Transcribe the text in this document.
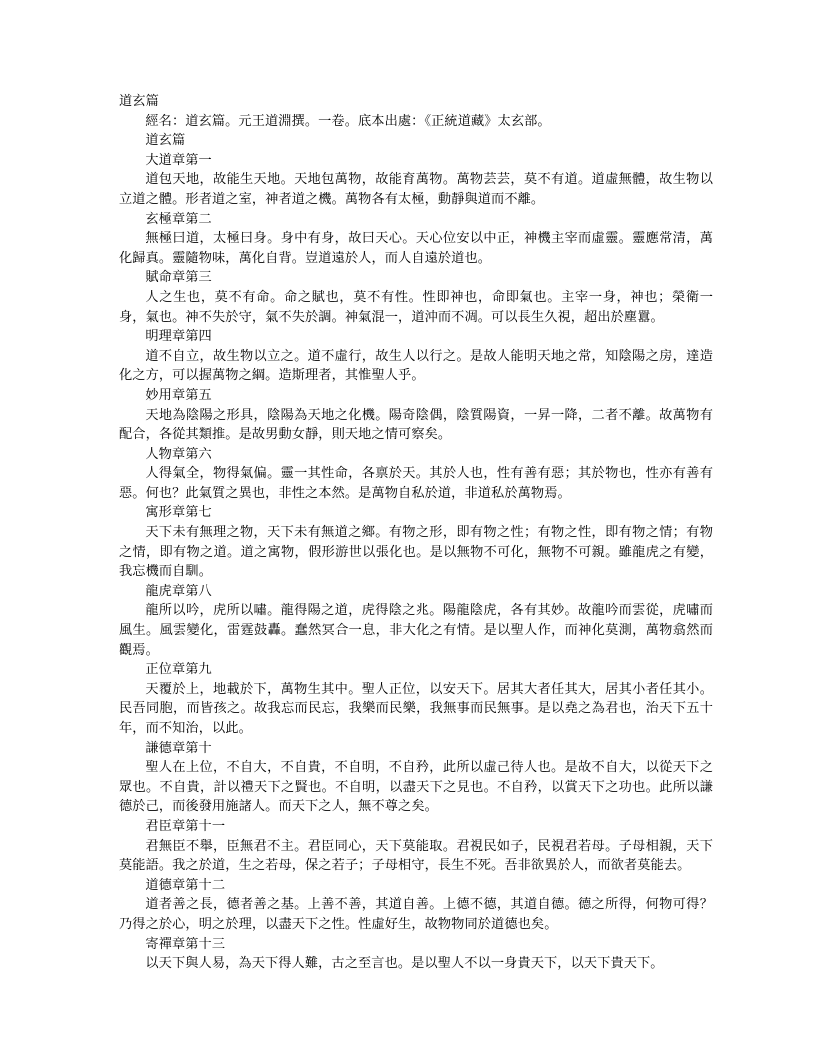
道玄篇

經名：道玄篇。元王道淵撰。一卷。底本出處：《正統道藏》太玄部。

道玄篇

大道章第一

道包天地，故能生天地。天地包萬物，故能育萬物。萬物芸芸，莫不有道。道虛無體，故生物以立道之體。形者道之室，神者道之機。萬物各有太極，動靜與道而不離。

玄極章第二

無極曰道，太極曰身。身中有身，故曰天心。天心位安以中正，神機主宰而虛靈。靈應常清，萬化歸真。靈隨物味，萬化自背。豈道遠於人，而人自遠於道也。

賦命章第三

人之生也，莫不有命。命之賦也，莫不有性。性即神也，命即氣也。主宰一身，神也；榮衛一身，氣也。神不失於守，氣不失於調。神氣混一，道沖而不凋。可以長生久視，超出於塵囂。

明理章第四

道不自立，故生物以立之。道不虛行，故生人以行之。是故人能明天地之常，知陰陽之房，達造化之方，可以握萬物之綱。造斯理者，其惟聖人乎。

妙用章第五

天地為陰陽之形具，陰陽為天地之化機。陽奇陰偶，陰質陽資，一昇一降，二者不離。故萬物有配合，各從其類推。是故男動女靜，則天地之情可察矣。

人物章第六

人得氣全，物得氣偏。靈一其性命，各禀於天。其於人也，性有善有惡；其於物也，性亦有善有惡。何也？此氣質之異也，非性之本然。是萬物自私於道，非道私於萬物焉。

寓形章第七

天下未有無理之物，天下未有無道之鄉。有物之形，即有物之性；有物之性，即有物之情；有物之情，即有物之道。道之寓物，假形游世以張化也。是以無物不可化，無物不可親。雖龍虎之有變，我忘機而自馴。

龍虎章第八

龍所以吟，虎所以嘯。龍得陽之道，虎得陰之兆。陽龍陰虎，各有其妙。故龍吟而雲從，虎嘯而風生。風雲變化，雷霆鼓轟。蠢然冥合一息，非大化之有情。是以聖人作，而神化莫測，萬物翕然而觀焉。

正位章第九

天覆於上，地載於下，萬物生其中。聖人正位，以安天下。居其大者任其大，居其小者任其小。民吾同胞，而皆孩之。故我忘而民忘，我樂而民樂，我無事而民無事。是以堯之為君也，治天下五十年，而不知治，以此。

謙德章第十

聖人在上位，不自大，不自貴，不自明，不自矜，此所以虛己待人也。是故不自大，以從天下之眾也。不自貴，計以禮天下之賢也。不自明，以盡天下之見也。不自矜，以賞天下之功也。此所以謙德於己，而後發用施諸人。而天下之人，無不尊之矣。

君臣章第十一

君無臣不舉，臣無君不主。君臣同心，天下莫能取。君視民如子，民視君若母。子母相親，天下莫能語。我之於道，生之若母，保之若子；子母相守，長生不死。吾非欲異於人，而欲者莫能去。

道德章第十二

道者善之長，德者善之基。上善不善，其道自善。上德不德，其道自德。德之所得，何物可得？乃得之於心，明之於理，以盡天下之性。性虛好生，故物物同於道德也矣。

寄禪章第十三

以天下與人易，為天下得人難，古之至言也。是以聖人不以一身貴天下，以天下貴天下。
